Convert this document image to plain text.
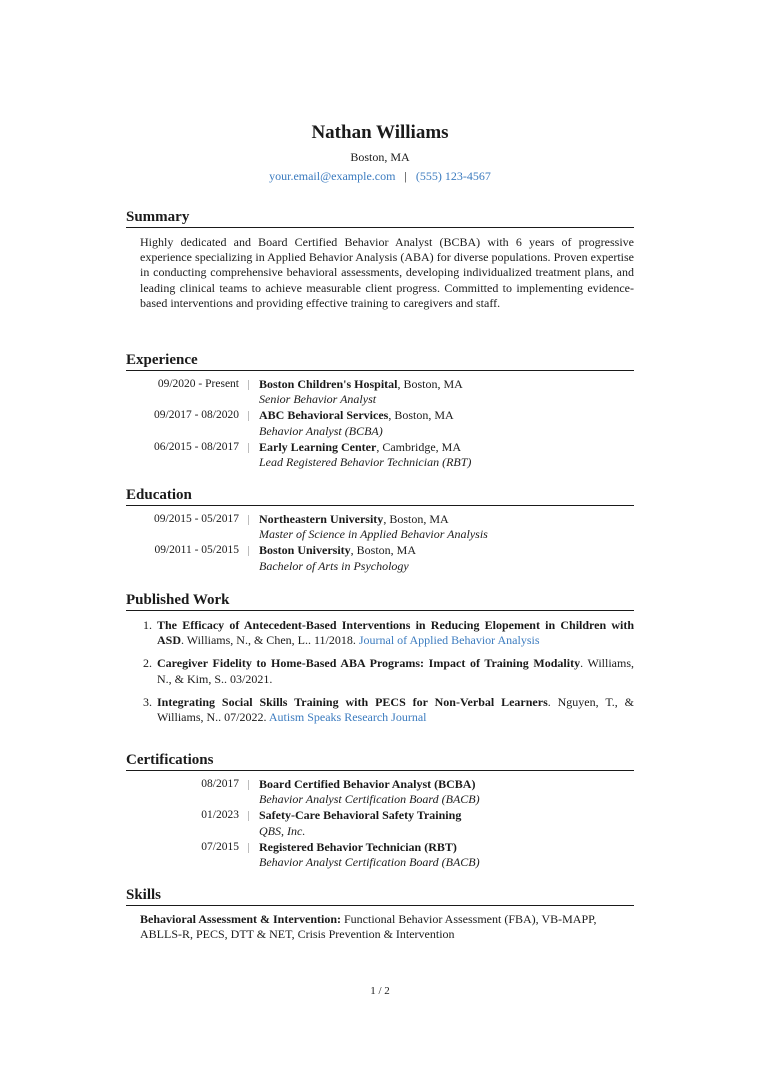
Nathan Williams
Boston, MA
your.email@example.com | (555) 123-4567
Summary
Highly dedicated and Board Certified Behavior Analyst (BCBA) with 6 years of progressive experience specializing in Applied Behavior Analysis (ABA) for diverse populations. Proven expertise in conducting comprehensive behavioral assessments, developing individualized treatment plans, and leading clinical teams to achieve measurable client progress. Committed to implementing evidence-based interventions and providing effective training to caregivers and staff.
Experience
09/2020 - Present	Boston Children's Hospital, Boston, MA
Senior Behavior Analyst
09/2017 - 08/2020	ABC Behavioral Services, Boston, MA
Behavior Analyst (BCBA)
06/2015 - 08/2017	Early Learning Center, Cambridge, MA
Lead Registered Behavior Technician (RBT)
Education
09/2015 - 05/2017	Northeastern University, Boston, MA
Master of Science in Applied Behavior Analysis
09/2011 - 05/2015	Boston University, Boston, MA
Bachelor of Arts in Psychology
Published Work
1. The Efficacy of Antecedent-Based Interventions in Reducing Elopement in Children with ASD. Williams, N., & Chen, L.. 11/2018. Journal of Applied Behavior Analysis
2. Caregiver Fidelity to Home-Based ABA Programs: Impact of Training Modality. Williams, N., & Kim, S.. 03/2021.
3. Integrating Social Skills Training with PECS for Non-Verbal Learners. Nguyen, T., & Williams, N.. 07/2022. Autism Speaks Research Journal
Certifications
08/2017	Board Certified Behavior Analyst (BCBA)
Behavior Analyst Certification Board (BACB)
01/2023	Safety-Care Behavioral Safety Training
QBS, Inc.
07/2015	Registered Behavior Technician (RBT)
Behavior Analyst Certification Board (BACB)
Skills
Behavioral Assessment & Intervention: Functional Behavior Assessment (FBA), VB-MAPP, ABLLS-R, PECS, DTT & NET, Crisis Prevention & Intervention
1 / 2
